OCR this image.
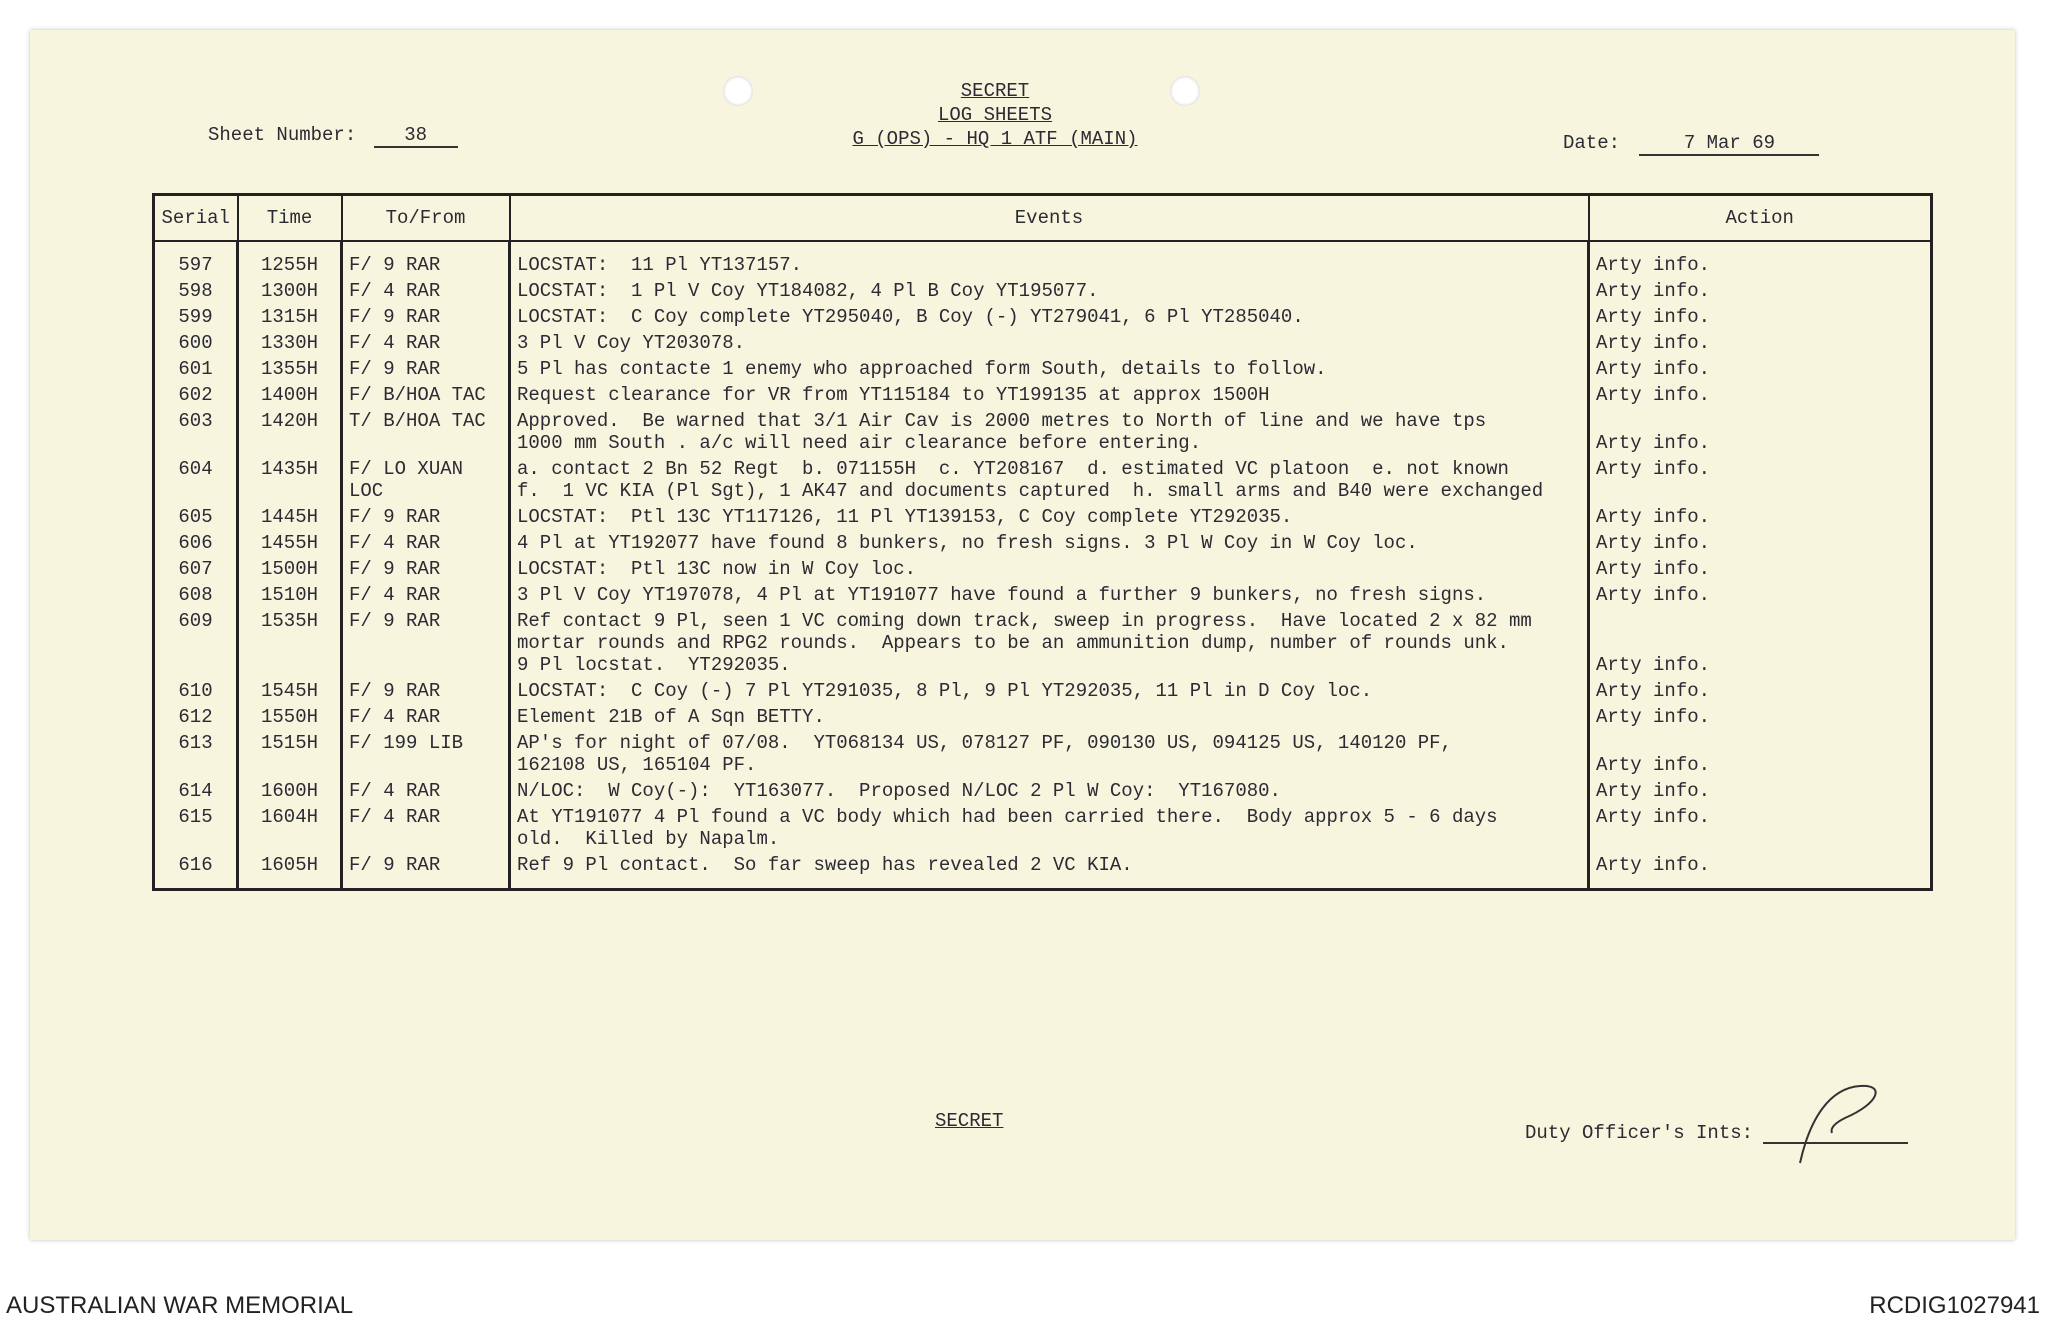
SECRET
LOG SHEETS
G (OPS) - HQ 1 ATF (MAIN)
Sheet Number:	38	Date:	7 Mar 69
Serial	Time	To/From	Events	Action
597	1255H	F/ 9 RAR	LOCSTAT:  11 Pl YT137157.	Arty info.
598	1300H	F/ 4 RAR	LOCSTAT:  1 Pl V Coy YT184082, 4 Pl B Coy YT195077.	Arty info.
599	1315H	F/ 9 RAR	LOCSTAT:  C Coy complete YT295040, B Coy (-) YT279041, 6 Pl YT285040.	Arty info.
600	1330H	F/ 4 RAR	3 Pl V Coy YT203078.	Arty info.
601	1355H	F/ 9 RAR	5 Pl has contacte 1 enemy who approached form South, details to follow.	Arty info.
602	1400H	F/ B/HOA TAC	Request clearance for VR from YT115184 to YT199135 at approx 1500H	Arty info.
603	1420H	T/ B/HOA TAC	Approved.  Be warned that 3/1 Air Cav is 2000 metres to North of line and we have tps
1000 mm South . a/c will need air clearance before entering.	Arty info.
604	1435H	F/ LO XUAN LOC	a. contact 2 Bn 52 Regt  b. 071155H  c. YT208167  d. estimated VC platoon  e. not known
f.  1 VC KIA (Pl Sgt), 1 AK47 and documents captured  h. small arms and B40 were exchanged	Arty info.
605	1445H	F/ 9 RAR	LOCSTAT:  Ptl 13C YT117126, 11 Pl YT139153, C Coy complete YT292035.	Arty info.
606	1455H	F/ 4 RAR	4 Pl at YT192077 have found 8 bunkers, no fresh signs. 3 Pl W Coy in W Coy loc.	Arty info.
607	1500H	F/ 9 RAR	LOCSTAT:  Ptl 13C now in W Coy loc.	Arty info.
608	1510H	F/ 4 RAR	3 Pl V Coy YT197078, 4 Pl at YT191077 have found a further 9 bunkers, no fresh signs.	Arty info.
609	1535H	F/ 9 RAR	Ref contact 9 Pl, seen 1 VC coming down track, sweep in progress.  Have located 2 x 82 mm
mortar rounds and RPG2 rounds.  Appears to be an ammunition dump, number of rounds unk.
9 Pl locstat.  YT292035.	Arty info.
610	1545H	F/ 9 RAR	LOCSTAT:  C Coy (-) 7 Pl YT291035, 8 Pl, 9 Pl YT292035, 11 Pl in D Coy loc.	Arty info.
612	1550H	F/ 4 RAR	Element 21B of A Sqn BETTY.	Arty info.
613	1515H	F/ 199 LIB	AP's for night of 07/08.  YT068134 US, 078127 PF, 090130 US, 094125 US, 140120 PF,
162108 US, 165104 PF.	Arty info.
614	1600H	F/ 4 RAR	N/LOC:  W Coy(-):  YT163077.  Proposed N/LOC 2 Pl W Coy:  YT167080.	Arty info.
615	1604H	F/ 4 RAR	At YT191077 4 Pl found a VC body which had been carried there.  Body approx 5 - 6 days
old.  Killed by Napalm.	Arty info.
616	1605H	F/ 9 RAR	Ref 9 Pl contact.  So far sweep has revealed 2 VC KIA.	Arty info.

SECRET
Duty Officer's Ints:
AUSTRALIAN WAR MEMORIAL	RCDIG1027941
